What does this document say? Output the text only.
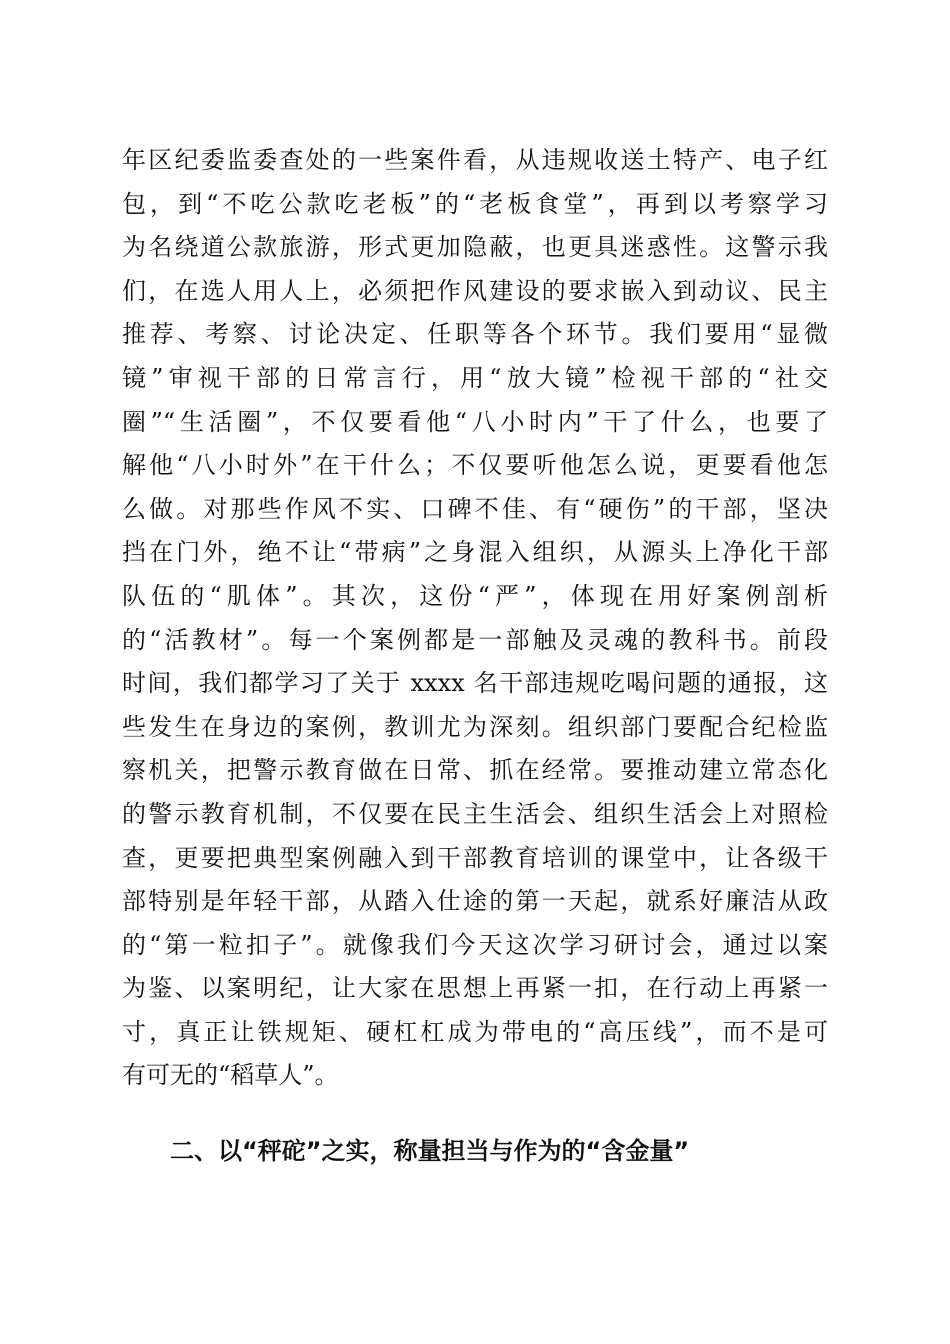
年区纪委监委查处的一些案件看，从违规收送土特产、电子红
包，到“不吃公款吃老板”的“老板食堂”，再到以考察学习
为名绕道公款旅游，形式更加隐蔽，也更具迷惑性。这警示我
们，在选人用人上，必须把作风建设的要求嵌入到动议、民主
推荐、考察、讨论决定、任职等各个环节。我们要用“显微
镜”审视干部的日常言行，用“放大镜”检视干部的“社交
圈”“生活圈”，不仅要看他“八小时内”干了什么，也要了
解他“八小时外”在干什么；不仅要听他怎么说，更要看他怎
么做。对那些作风不实、口碑不佳、有“硬伤”的干部，坚决
挡在门外，绝不让“带病”之身混入组织，从源头上净化干部
队伍的“肌体”。其次，这份“严”，体现在用好案例剖析
的“活教材”。每一个案例都是一部触及灵魂的教科书。前段
时间，我们都学习了关于 xxxx 名干部违规吃喝问题的通报，这
些发生在身边的案例，教训尤为深刻。组织部门要配合纪检监
察机关，把警示教育做在日常、抓在经常。要推动建立常态化
的警示教育机制，不仅要在民主生活会、组织生活会上对照检
查，更要把典型案例融入到干部教育培训的课堂中，让各级干
部特别是年轻干部，从踏入仕途的第一天起，就系好廉洁从政
的“第一粒扣子”。就像我们今天这次学习研讨会，通过以案
为鉴、以案明纪，让大家在思想上再紧一扣，在行动上再紧一
寸，真正让铁规矩、硬杠杠成为带电的“高压线”，而不是可
有可无的“稻草人”。
二、以“秤砣”之实，称量担当与作为的“含金量”
